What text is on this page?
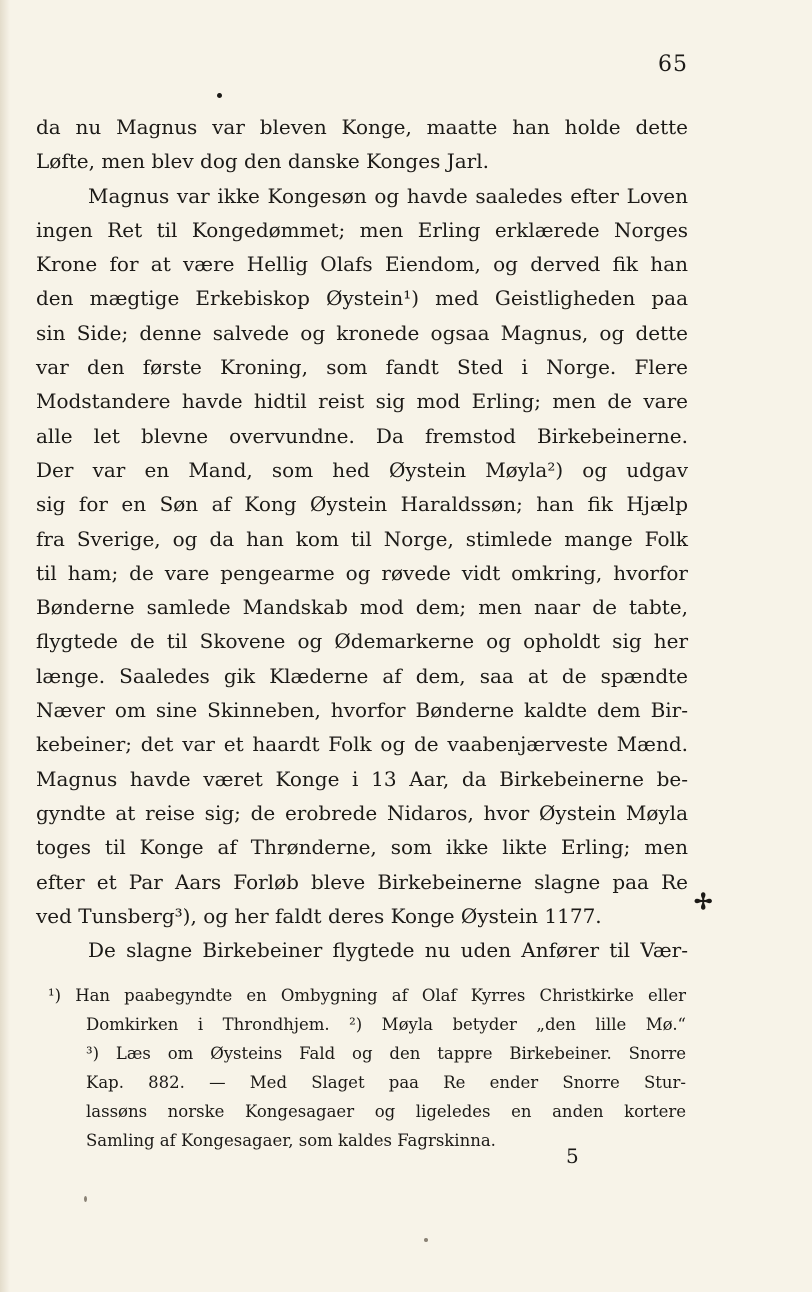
65
da nu Magnus var bleven Konge, maatte han holde dette
Løfte, men blev dog den danske Konges Jarl.
Magnus var ikke Kongesøn og havde saaledes efter Loven
ingen Ret til Kongedømmet; men Erling erklærede Norges
Krone for at være Hellig Olafs Eiendom, og derved fik han
den mægtige Erkebiskop Øystein¹) med Geistligheden paa
sin Side; denne salvede og kronede ogsaa Magnus, og dette
var den første Kroning, som fandt Sted i Norge. Flere
Modstandere havde hidtil reist sig mod Erling; men de vare
alle let blevne overvundne. Da fremstod Birkebeinerne.
Der var en Mand, som hed Øystein Møyla²) og udgav
sig for en Søn af Kong Øystein Haraldssøn; han fik Hjælp
fra Sverige, og da han kom til Norge, stimlede mange Folk
til ham; de vare pengearme og røvede vidt omkring, hvorfor
Bønderne samlede Mandskab mod dem; men naar de tabte,
flygtede de til Skovene og Ødemarkerne og opholdt sig her
længe. Saaledes gik Klæderne af dem, saa at de spændte
Næver om sine Skinneben, hvorfor Bønderne kaldte dem Bir-
kebeiner; det var et haardt Folk og de vaabenjærveste Mænd.
Magnus havde været Konge i 13 Aar, da Birkebeinerne be-
gyndte at reise sig; de erobrede Nidaros, hvor Øystein Møyla
toges til Konge af Thrønderne, som ikke likte Erling; men
efter et Par Aars Forløb bleve Birkebeinerne slagne paa Re
ved Tunsberg³), og her faldt deres Konge Øystein 1177.
De slagne Birkebeiner flygtede nu uden Anfører til Vær-
✢
¹) Han paabegyndte en Ombygning af Olaf Kyrres Christkirke eller
Domkirken i Throndhjem. ²) Møyla betyder „den lille Mø.“
³) Læs om Øysteins Fald og den tappre Birkebeiner. Snorre
Kap. 882. — Med Slaget paa Re ender Snorre Stur-
lassøns norske Kongesagaer og ligeledes en anden kortere
Samling af Kongesagaer, som kaldes Fagrskinna.
5
